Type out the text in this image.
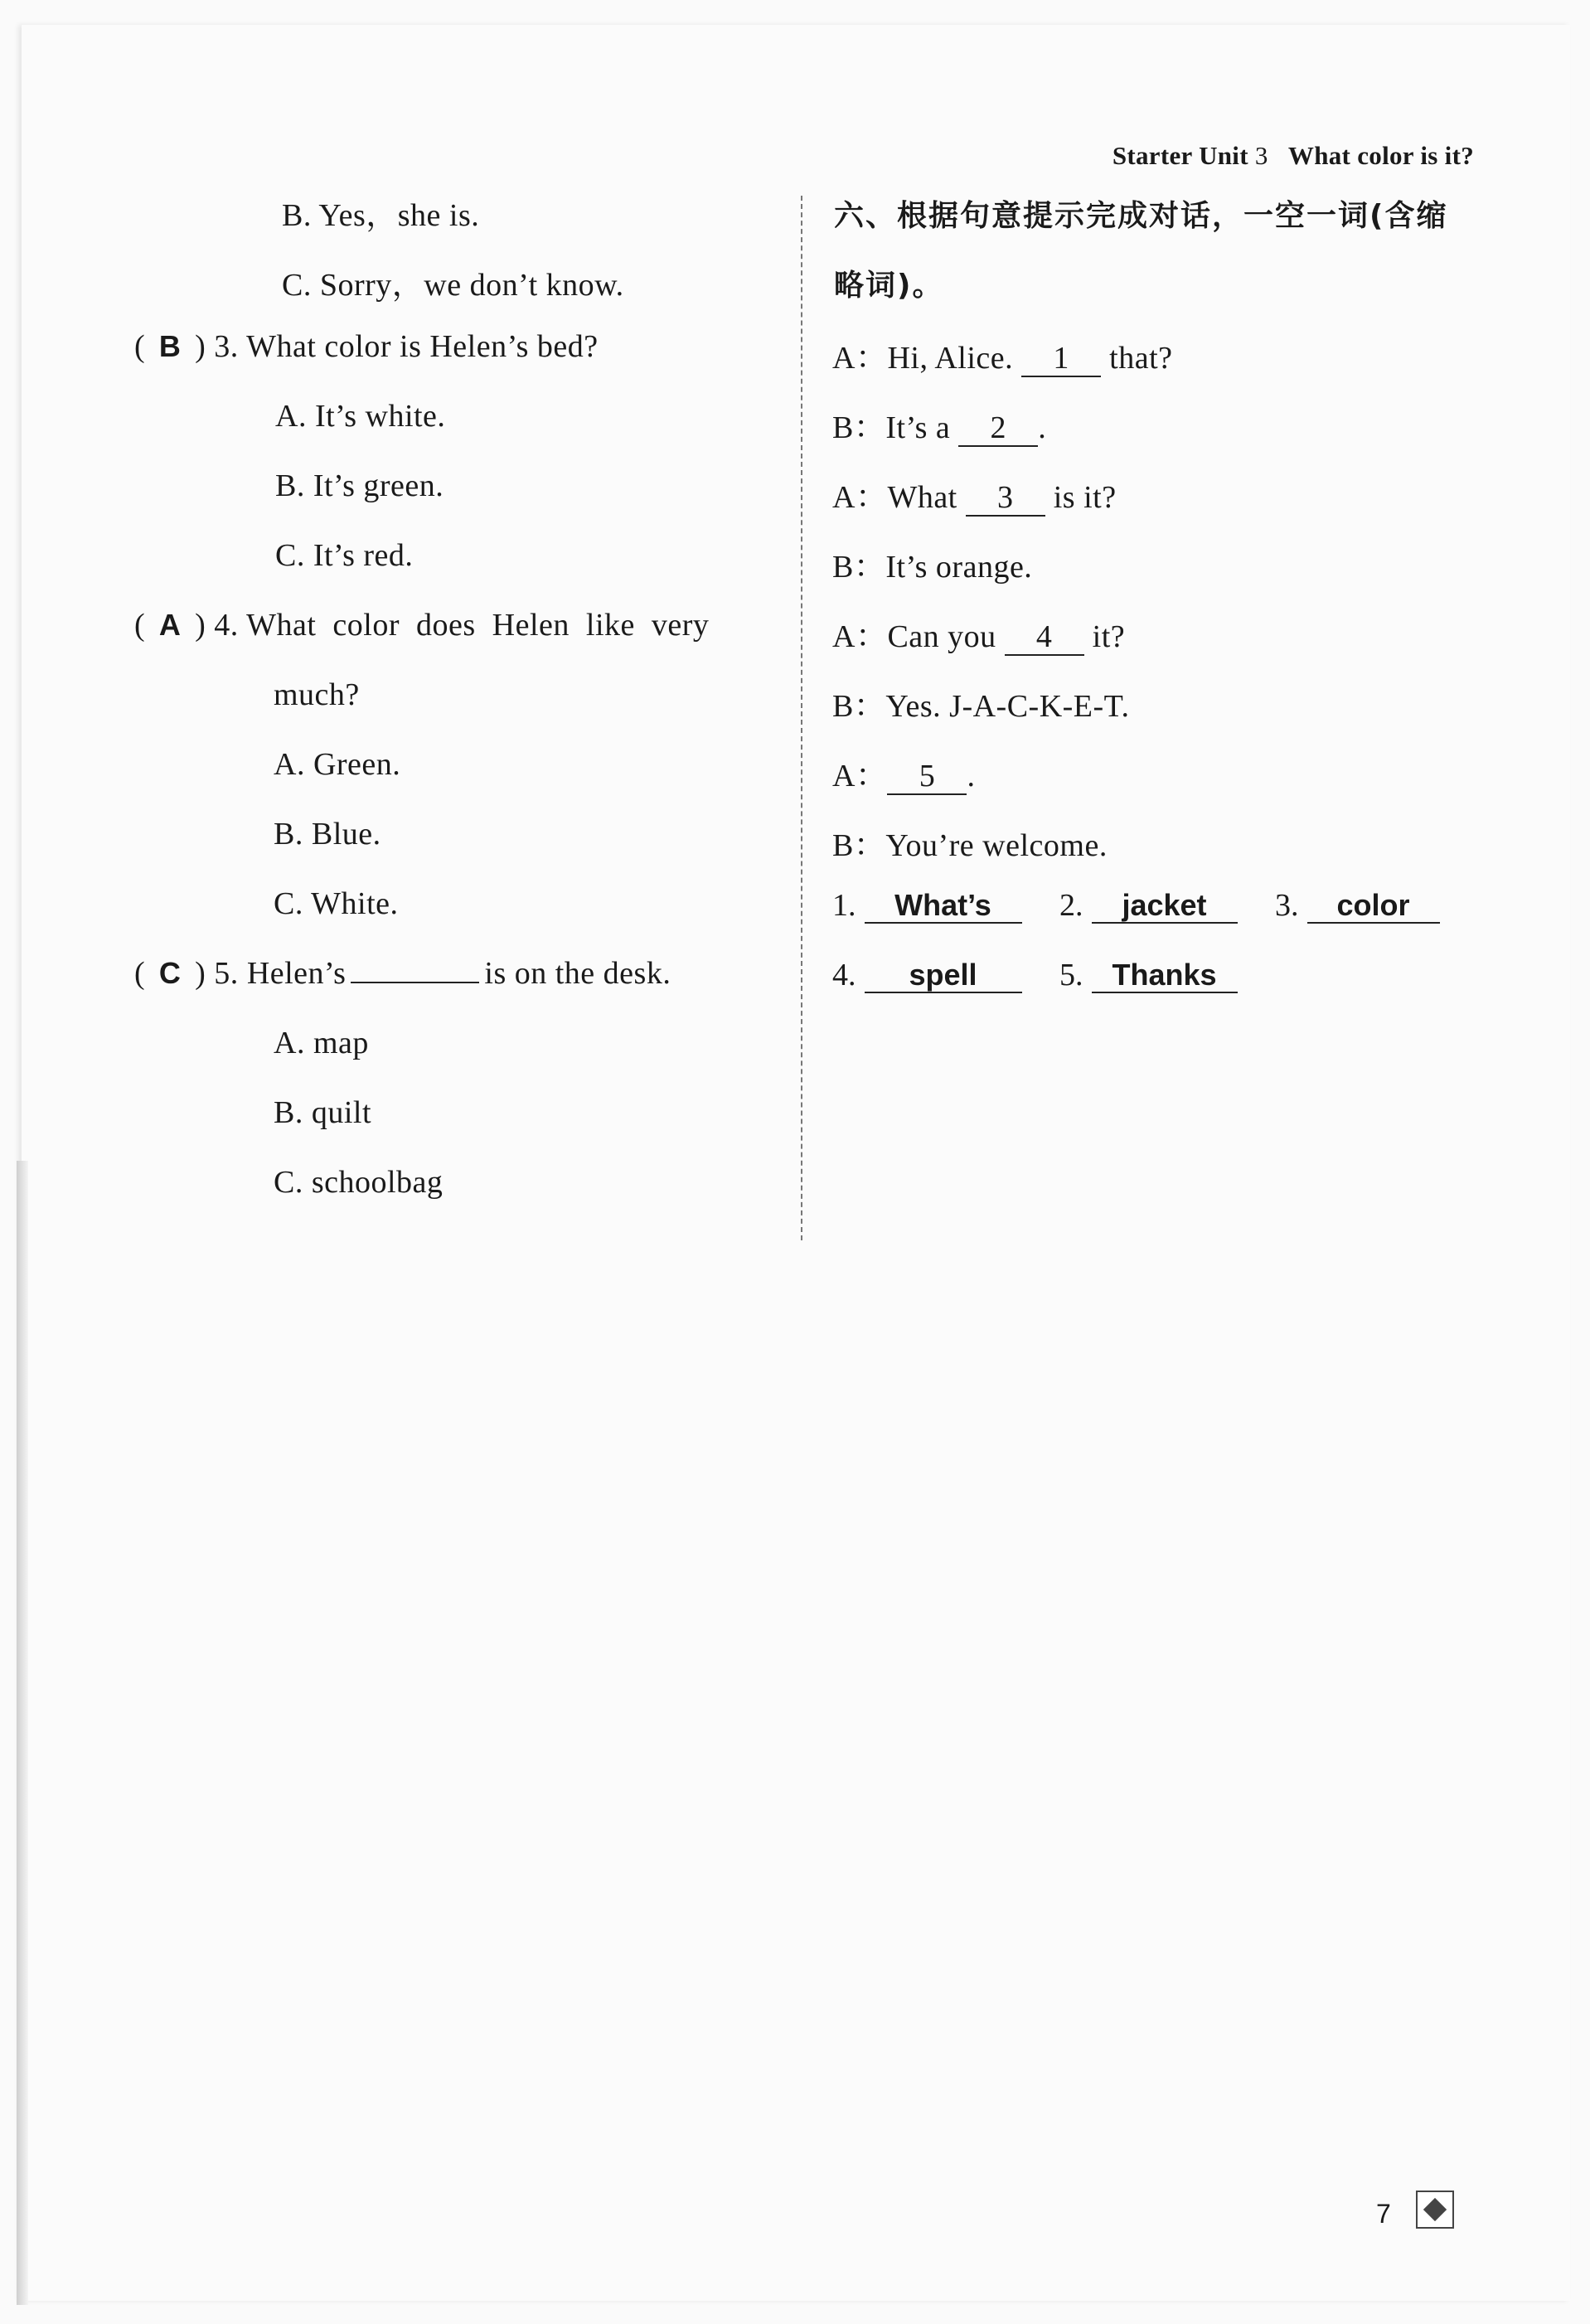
Starter Unit 3 What color is it?
B. Yes，she is.
C. Sorry，we don’t know.
( B ) 3. What color is Helen’s bed?
A. It’s white.
B. It’s green.
C. It’s red.
( A ) 4. What  color  does  Helen  like  very
much?
A. Green.
B. Blue.
C. White.
( C ) 5. Helen’s	is on the desk.
A. map
B. quilt
C. schoolbag
六、根据句意提示完成对话，一空一词(含缩
略词)。
A：Hi, Alice. 1 that?
B：It’s a 2 .
A：What 3 is it?
B：It’s orange.
A：Can you 4 it?
B：Yes. J-A-C-K-E-T.
A： 5 .
B：You’re welcome.
1. What’s 2. jacket 3. color
4. spell	5. Thanks
7
